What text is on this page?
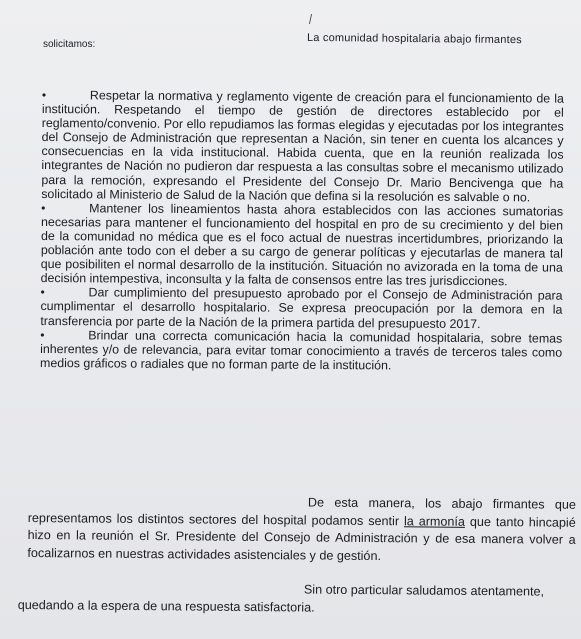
La comunidad hospitalaria abajo firmantes
solicitamos:
•	Respetar la normativa y reglamento vigente de creación para el funcionamiento de la institución. Respetando el tiempo de gestión de directores establecido por el reglamento/convenio. Por ello repudiamos las formas elegidas y ejecutadas por los integrantes del Consejo de Administración que representan a Nación, sin tener en cuenta los alcances y consecuencias en la vida institucional. Habida cuenta, que en la reunión realizada los integrantes de Nación no pudieron dar respuesta a las consultas sobre el mecanismo utilizado para la remoción, expresando el Presidente del Consejo Dr. Mario Bencivenga que ha solicitado al Ministerio de Salud de la Nación que defina si la resolución es salvable o no.

•	Mantener los lineamientos hasta ahora establecidos con las acciones sumatorias necesarias para mantener el funcionamiento del hospital en pro de su crecimiento y del bien de la comunidad no médica que es el foco actual de nuestras incertidumbres, priorizando la población ante todo con el deber a su cargo de generar políticas y ejecutarlas de manera tal que posibiliten el normal desarrollo de la institución. Situación no avizorada en la toma de una decisión intempestiva, inconsulta y la falta de consensos entre las tres jurisdicciones.

•	Dar cumplimiento del presupuesto aprobado por el Consejo de Administración para cumplimentar el desarrollo hospitalario. Se expresa preocupación por la demora en la transferencia por parte de la Nación de la primera partida del presupuesto 2017.

•	Brindar una correcta comunicación hacia la comunidad hospitalaria, sobre temas inherentes y/o de relevancia, para evitar tomar conocimiento a través de terceros tales como medios gráficos o radiales que no forman parte de la institución.

De esta manera, los abajo firmantes que representamos los distintos sectores del hospital podamos sentir la armonía que tanto hincapié hizo en la reunión el Sr. Presidente del Consejo de Administración y de esa manera volver a focalizarnos en nuestras actividades asistenciales y de gestión.

Sin otro particular saludamos atentamente, quedando a la espera de una respuesta satisfactoria.
